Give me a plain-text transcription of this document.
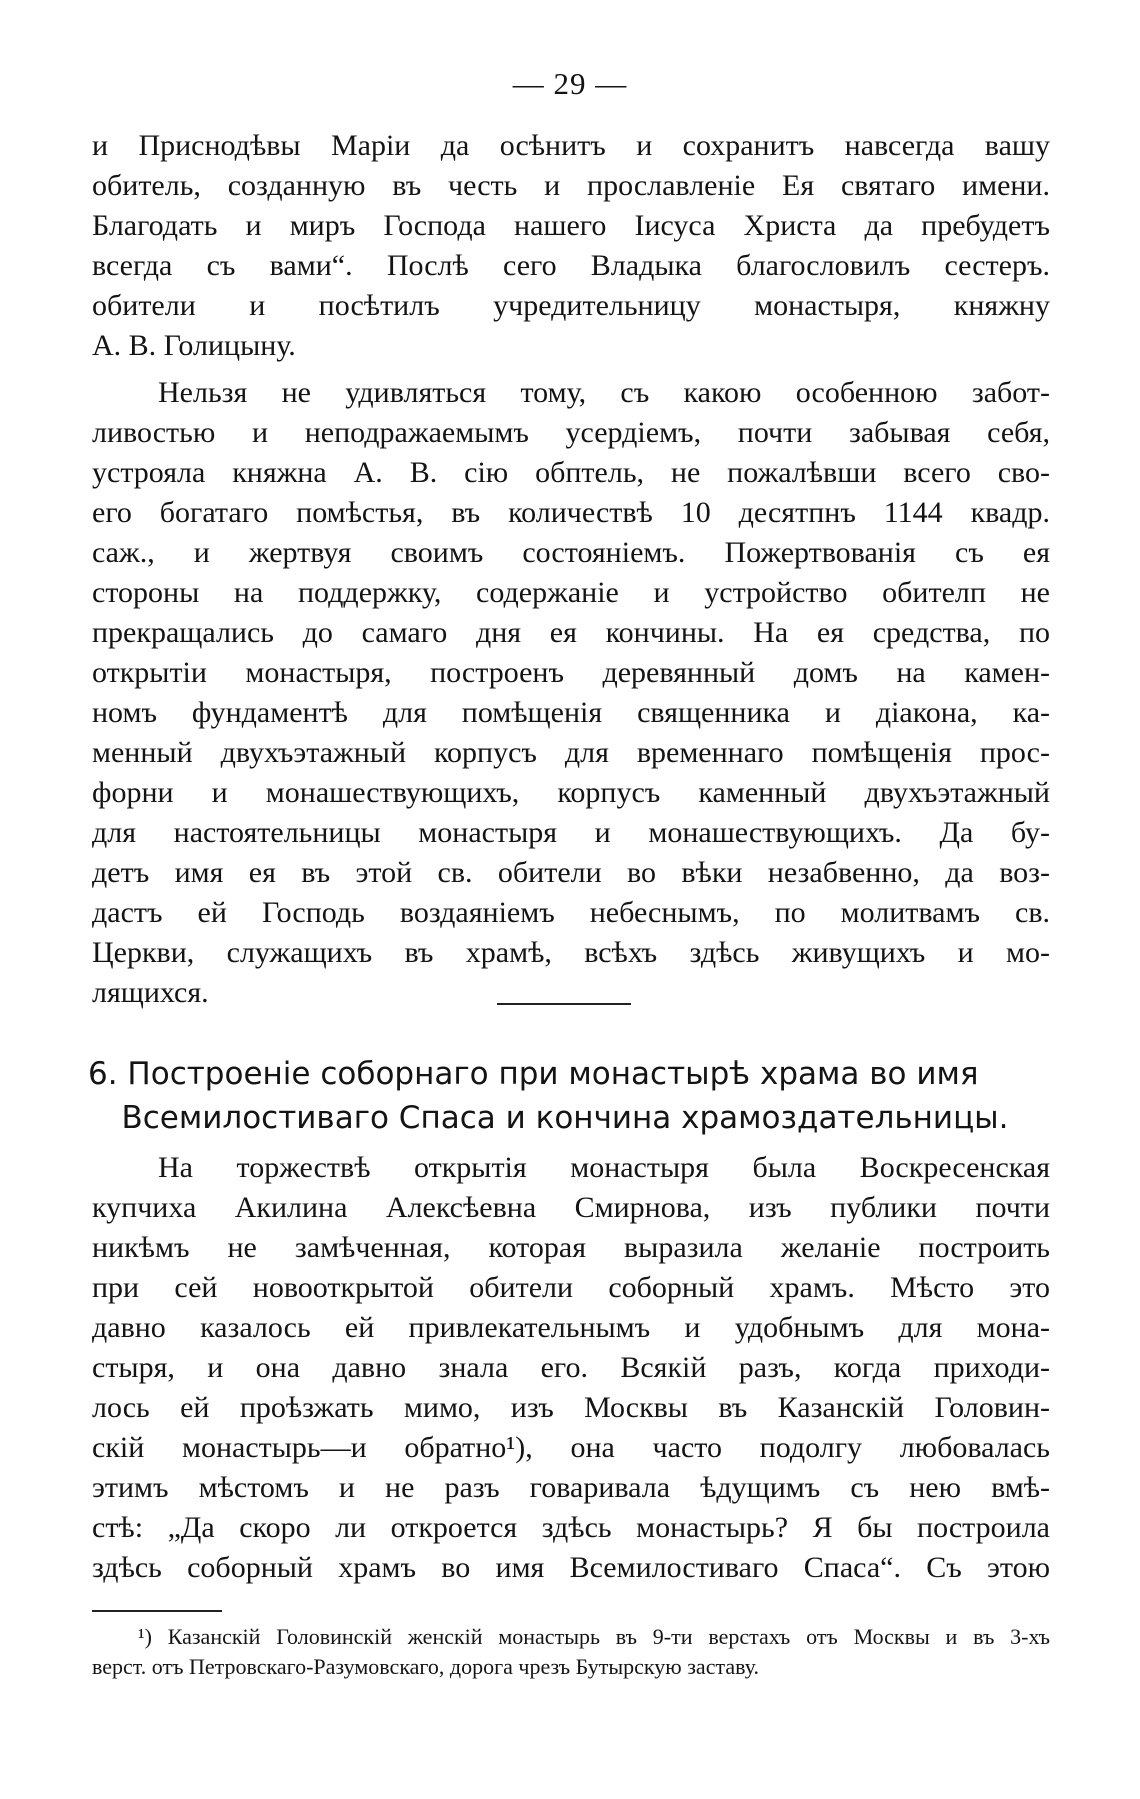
— 29 —
и Приснодѣвы Маріи да осѣнитъ и сохранитъ навсегда вашу
обитель, созданную въ честь и прославленіе Ея святаго имени.
Благодать и миръ Господа нашего Іисуса Христа да пребудетъ
всегда съ вами“. Послѣ сего Владыка благословилъ сестеръ.
обители и посѣтилъ учредительницу монастыря, княжну
А. В. Голицыну.
Нельзя не удивляться тому, съ какою особенною забот-
ливостью и неподражаемымъ усердіемъ, почти забывая себя,
устрояла княжна А. В. сію обптель, не пожалѣвши всего сво-
его богатаго помѣстья, въ количествѣ 10 десятпнъ 1144 квадр.
саж., и жертвуя своимъ состояніемъ. Пожертвованія съ ея
стороны на поддержку, содержаніе и устройство обителп не
прекращались до самаго дня ея кончины. На ея средства, по
открытіи монастыря, построенъ деревянный домъ на камен-
номъ фундаментѣ для помѣщенія священника и діакона, ка-
менный двухъэтажный корпусъ для временнаго помѣщенія прос-
форни и монашествующихъ, корпусъ каменный двухъэтажный
для настоятельницы монастыря и монашествующихъ. Да бу-
детъ имя ея въ этой св. обители во вѣки незабвенно, да воз-
дастъ ей Господь воздаяніемъ небеснымъ, по молитвамъ св.
Церкви, служащихъ въ храмѣ, всѣхъ здѣсь живущихъ и мо-
лящихся.
6. Построеніе соборнаго при монастырѣ храма во имя
Всемилостиваго Спаса и кончина храмоздательницы.
На торжествѣ открытія монастыря была Воскресенская
купчиха Акилина Алексѣевна Смирнова, изъ публики почти
никѣмъ не замѣченная, которая выразила желаніе построить
при сей новооткрытой обители соборный храмъ. Мѣсто это
давно казалось ей привлекательнымъ и удобнымъ для мона-
стыря, и она давно знала его. Всякій разъ, когда приходи-
лось ей проѣзжать мимо, изъ Москвы въ Казанскій Головин-
скій монастырь—и обратно¹), она часто подолгу любовалась
этимъ мѣстомъ и не разъ говаривала ѣдущимъ съ нею вмѣ-
стѣ: „Да скоро ли откроется здѣсь монастырь? Я бы построила
здѣсь соборный храмъ во имя Всемилостиваго Спаса“. Съ этою
¹) Казанскій Головинскій женскій монастырь въ 9-ти верстахъ отъ Москвы и въ 3-хъ
верст. отъ Петровскаго-Разумовскаго, дорога чрезъ Бутырскую заставу.
